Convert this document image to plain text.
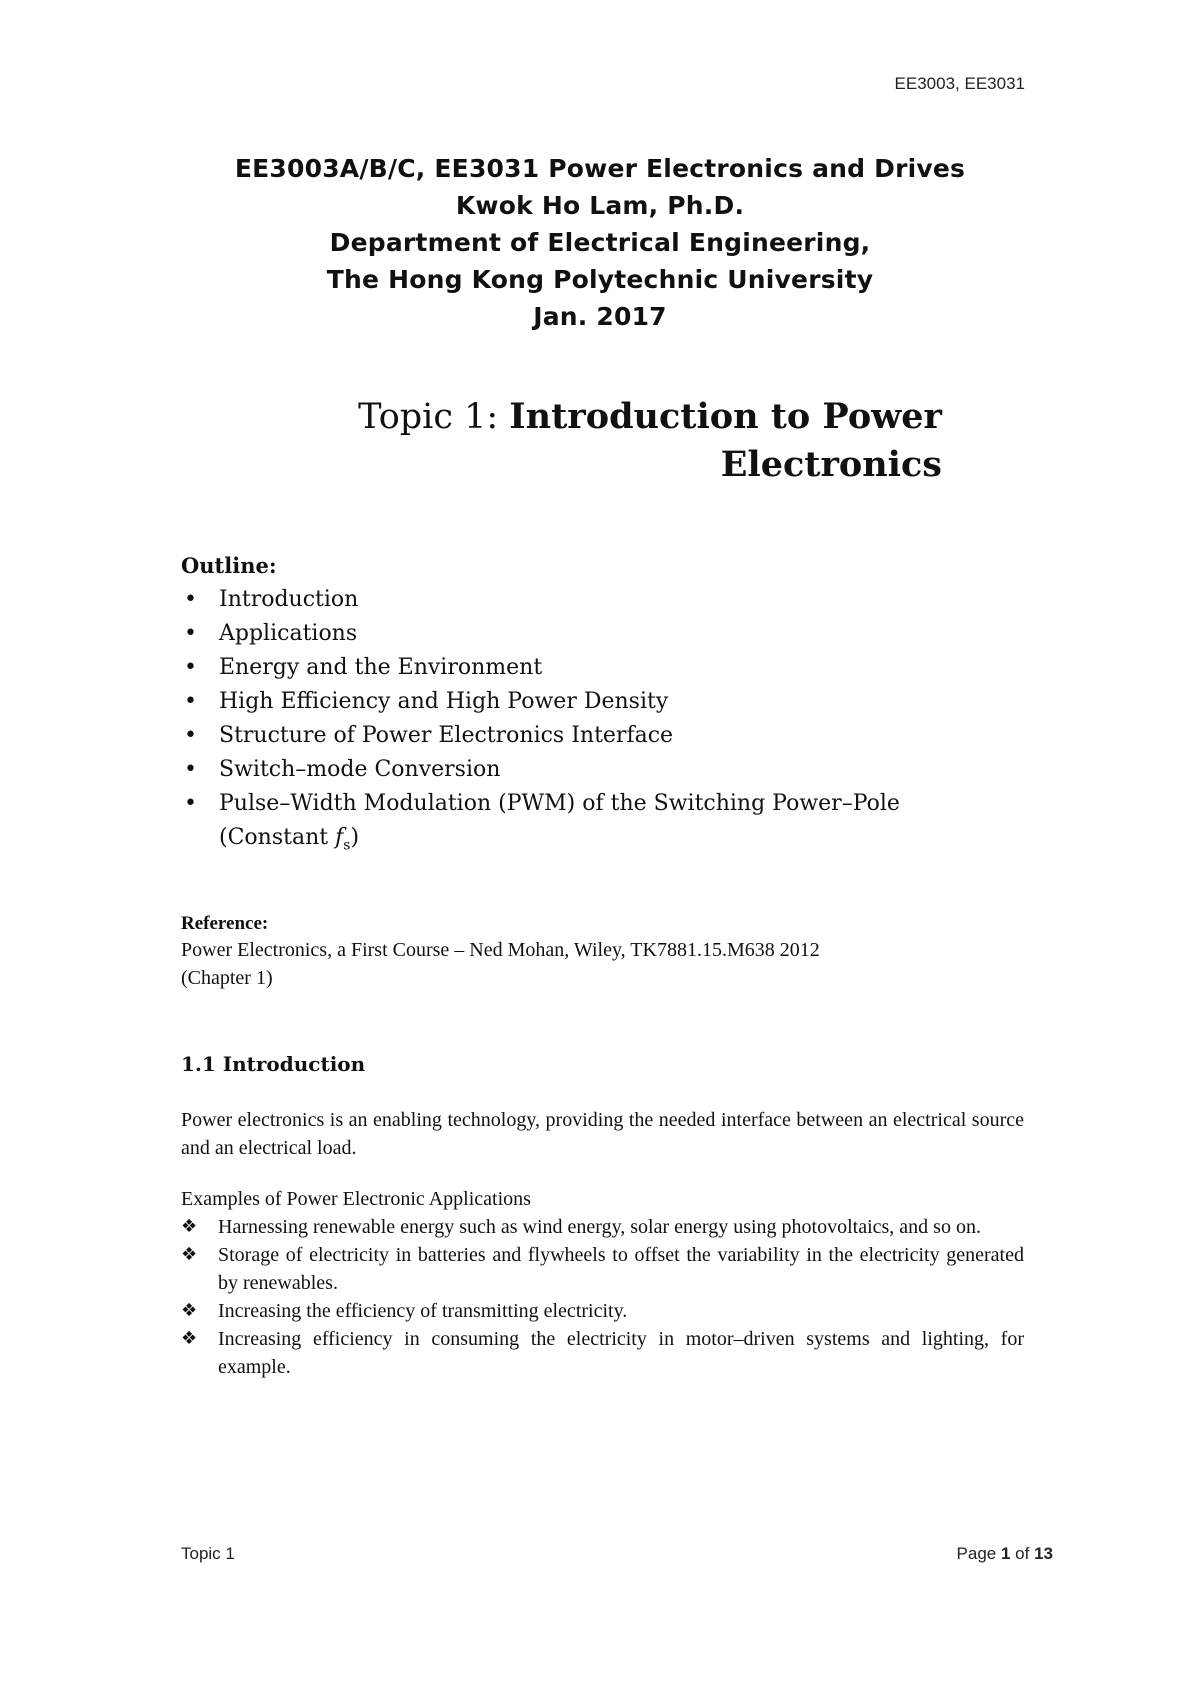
EE3003, EE3031
EE3003A/B/C, EE3031 Power Electronics and Drives
Kwok Ho Lam, Ph.D.
Department of Electrical Engineering,
The Hong Kong Polytechnic University
Jan. 2017
Topic 1: Introduction to Power
Electronics
Outline:
• Introduction
• Applications
• Energy and the Environment
• High Efficiency and High Power Density
• Structure of Power Electronics Interface
• Switch–mode Conversion
• Pulse–Width Modulation (PWM) of the Switching Power–Pole
(Constant $f_s$)
Reference:
Power Electronics, a First Course – Ned Mohan, Wiley, TK7881.15.M638 2012
(Chapter 1)
1.1 Introduction
Power electronics is an enabling technology, providing the needed interface between an electrical source and an electrical load.
Examples of Power Electronic Applications
❖ Harnessing renewable energy such as wind energy, solar energy using photovoltaics, and so on.
❖ Storage of electricity in batteries and flywheels to offset the variability in the electricity generated by renewables.
❖ Increasing the efficiency of transmitting electricity.
❖ Increasing efficiency in consuming the electricity in motor–driven systems and lighting, for example.
Topic 1	Page 1 of 13
